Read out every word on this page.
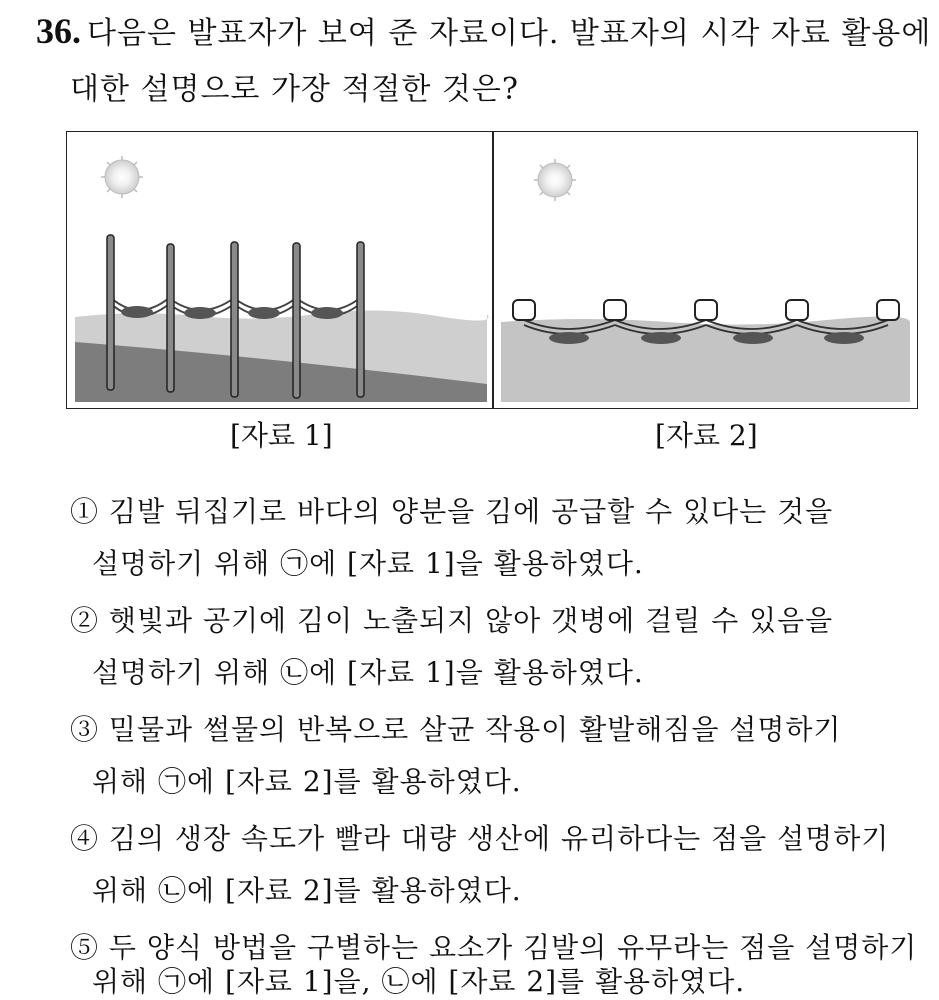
36. 다음은 발표자가 보여 준 자료이다. 발표자의 시각 자료 활용에
대한 설명으로 가장 적절한 것은?
[자료 1]	[자료 2]
① 김발 뒤집기로 바다의 양분을 김에 공급할 수 있다는 것을
설명하기 위해 ㉠에 [자료 1]을 활용하였다.
② 햇빛과 공기에 김이 노출되지 않아 갯병에 걸릴 수 있음을
설명하기 위해 ㉡에 [자료 1]을 활용하였다.
③ 밀물과 썰물의 반복으로 살균 작용이 활발해짐을 설명하기
위해 ㉠에 [자료 2]를 활용하였다.
④ 김의 생장 속도가 빨라 대량 생산에 유리하다는 점을 설명하기
위해 ㉡에 [자료 2]를 활용하였다.
⑤ 두 양식 방법을 구별하는 요소가 김발의 유무라는 점을 설명하기
위해 ㉠에 [자료 1]을, ㉡에 [자료 2]를 활용하였다.
